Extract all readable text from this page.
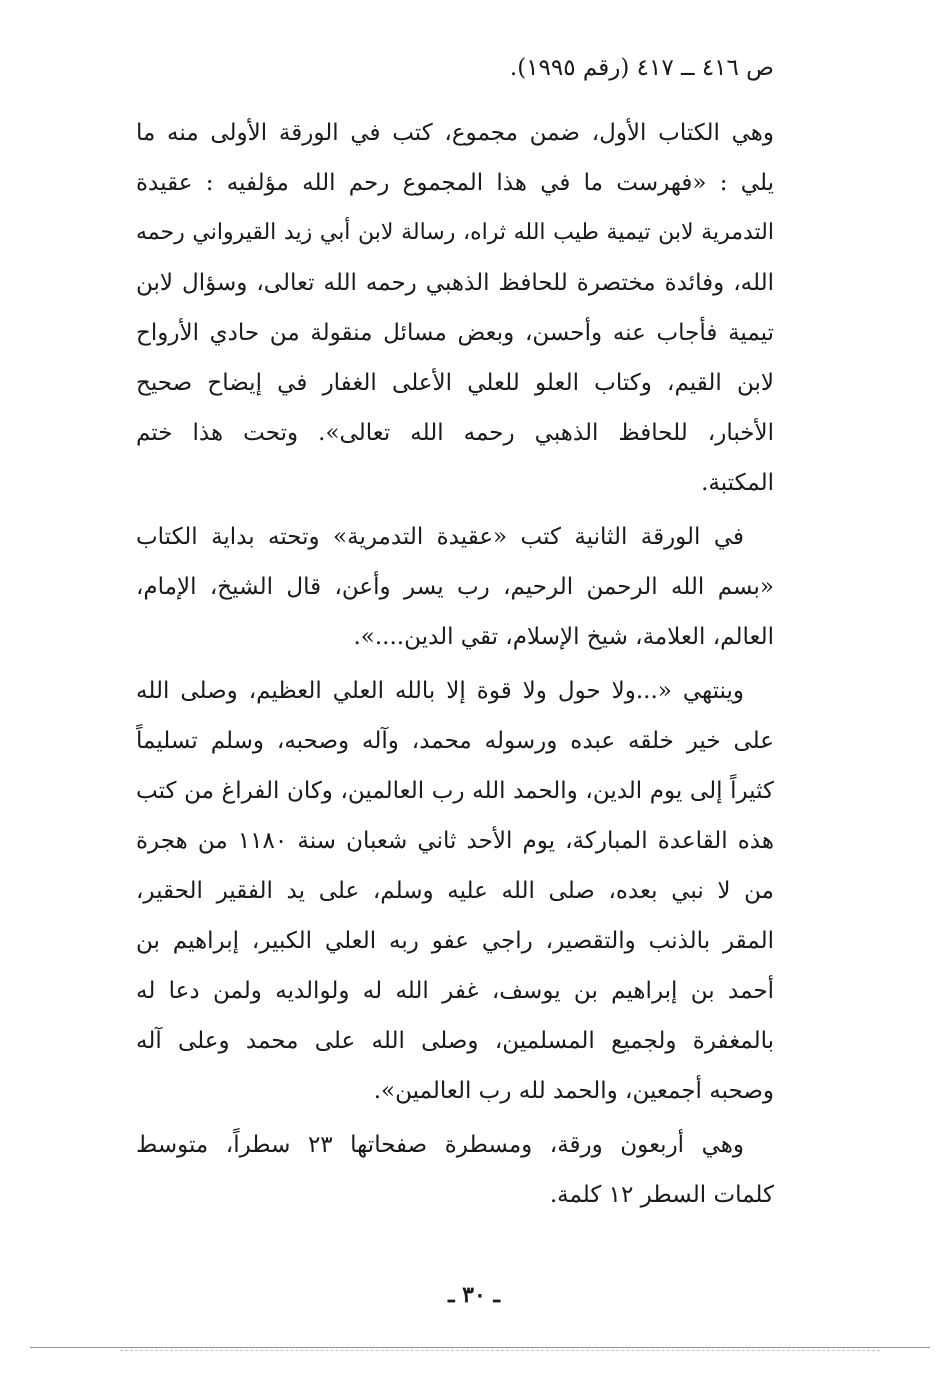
ص ٤١٦ ــ ٤١٧ (رقم ١٩٩٥).
وهي الكتاب الأول، ضمن مجموع، كتب في الورقة الأولى منه ما
يلي : «فهرست ما في هذا المجموع رحم الله مؤلفيه : عقيدة
التدمرية لابن تيمية طيب الله ثراه، رسالة لابن أبي زيد القيرواني رحمه
الله، وفائدة مختصرة للحافظ الذهبي رحمه الله تعالى، وسؤال لابن
تيمية فأجاب عنه وأحسن، وبعض مسائل منقولة من حادي الأرواح
لابن القيم، وكتاب العلو للعلي الأعلى الغفار في إيضاح صحيح
الأخبار، للحافظ الذهبي رحمه الله تعالى». وتحت هذا ختم
المكتبة.
في الورقة الثانية كتب «عقيدة التدمرية» وتحته بداية الكتاب
«بسم الله الرحمن الرحيم، رب يسر وأعن، قال الشيخ، الإمام،
العالم، العلامة، شيخ الإسلام، تقي الدين....».
وينتهي «...ولا حول ولا قوة إلا بالله العلي العظيم، وصلى الله
على خير خلقه عبده ورسوله محمد، وآله وصحبه، وسلم تسليماً
كثيراً إلى يوم الدين، والحمد الله رب العالمين، وكان الفراغ من كتب
هذه القاعدة المباركة، يوم الأحد ثاني شعبان سنة ١١٨٠ من هجرة
من لا نبي بعده، صلى الله عليه وسلم، على يد الفقير الحقير،
المقر بالذنب والتقصير، راجي عفو ربه العلي الكبير، إبراهيم بن
أحمد بن إبراهيم بن يوسف، غفر الله له ولوالديه ولمن دعا له
بالمغفرة ولجميع المسلمين، وصلى الله على محمد وعلى آله
وصحبه أجمعين، والحمد لله رب العالمين».
وهي أربعون ورقة، ومسطرة صفحاتها ٢٣ سطراً، متوسط
كلمات السطر ١٢ كلمة.
ـ ٣٠ ـ
